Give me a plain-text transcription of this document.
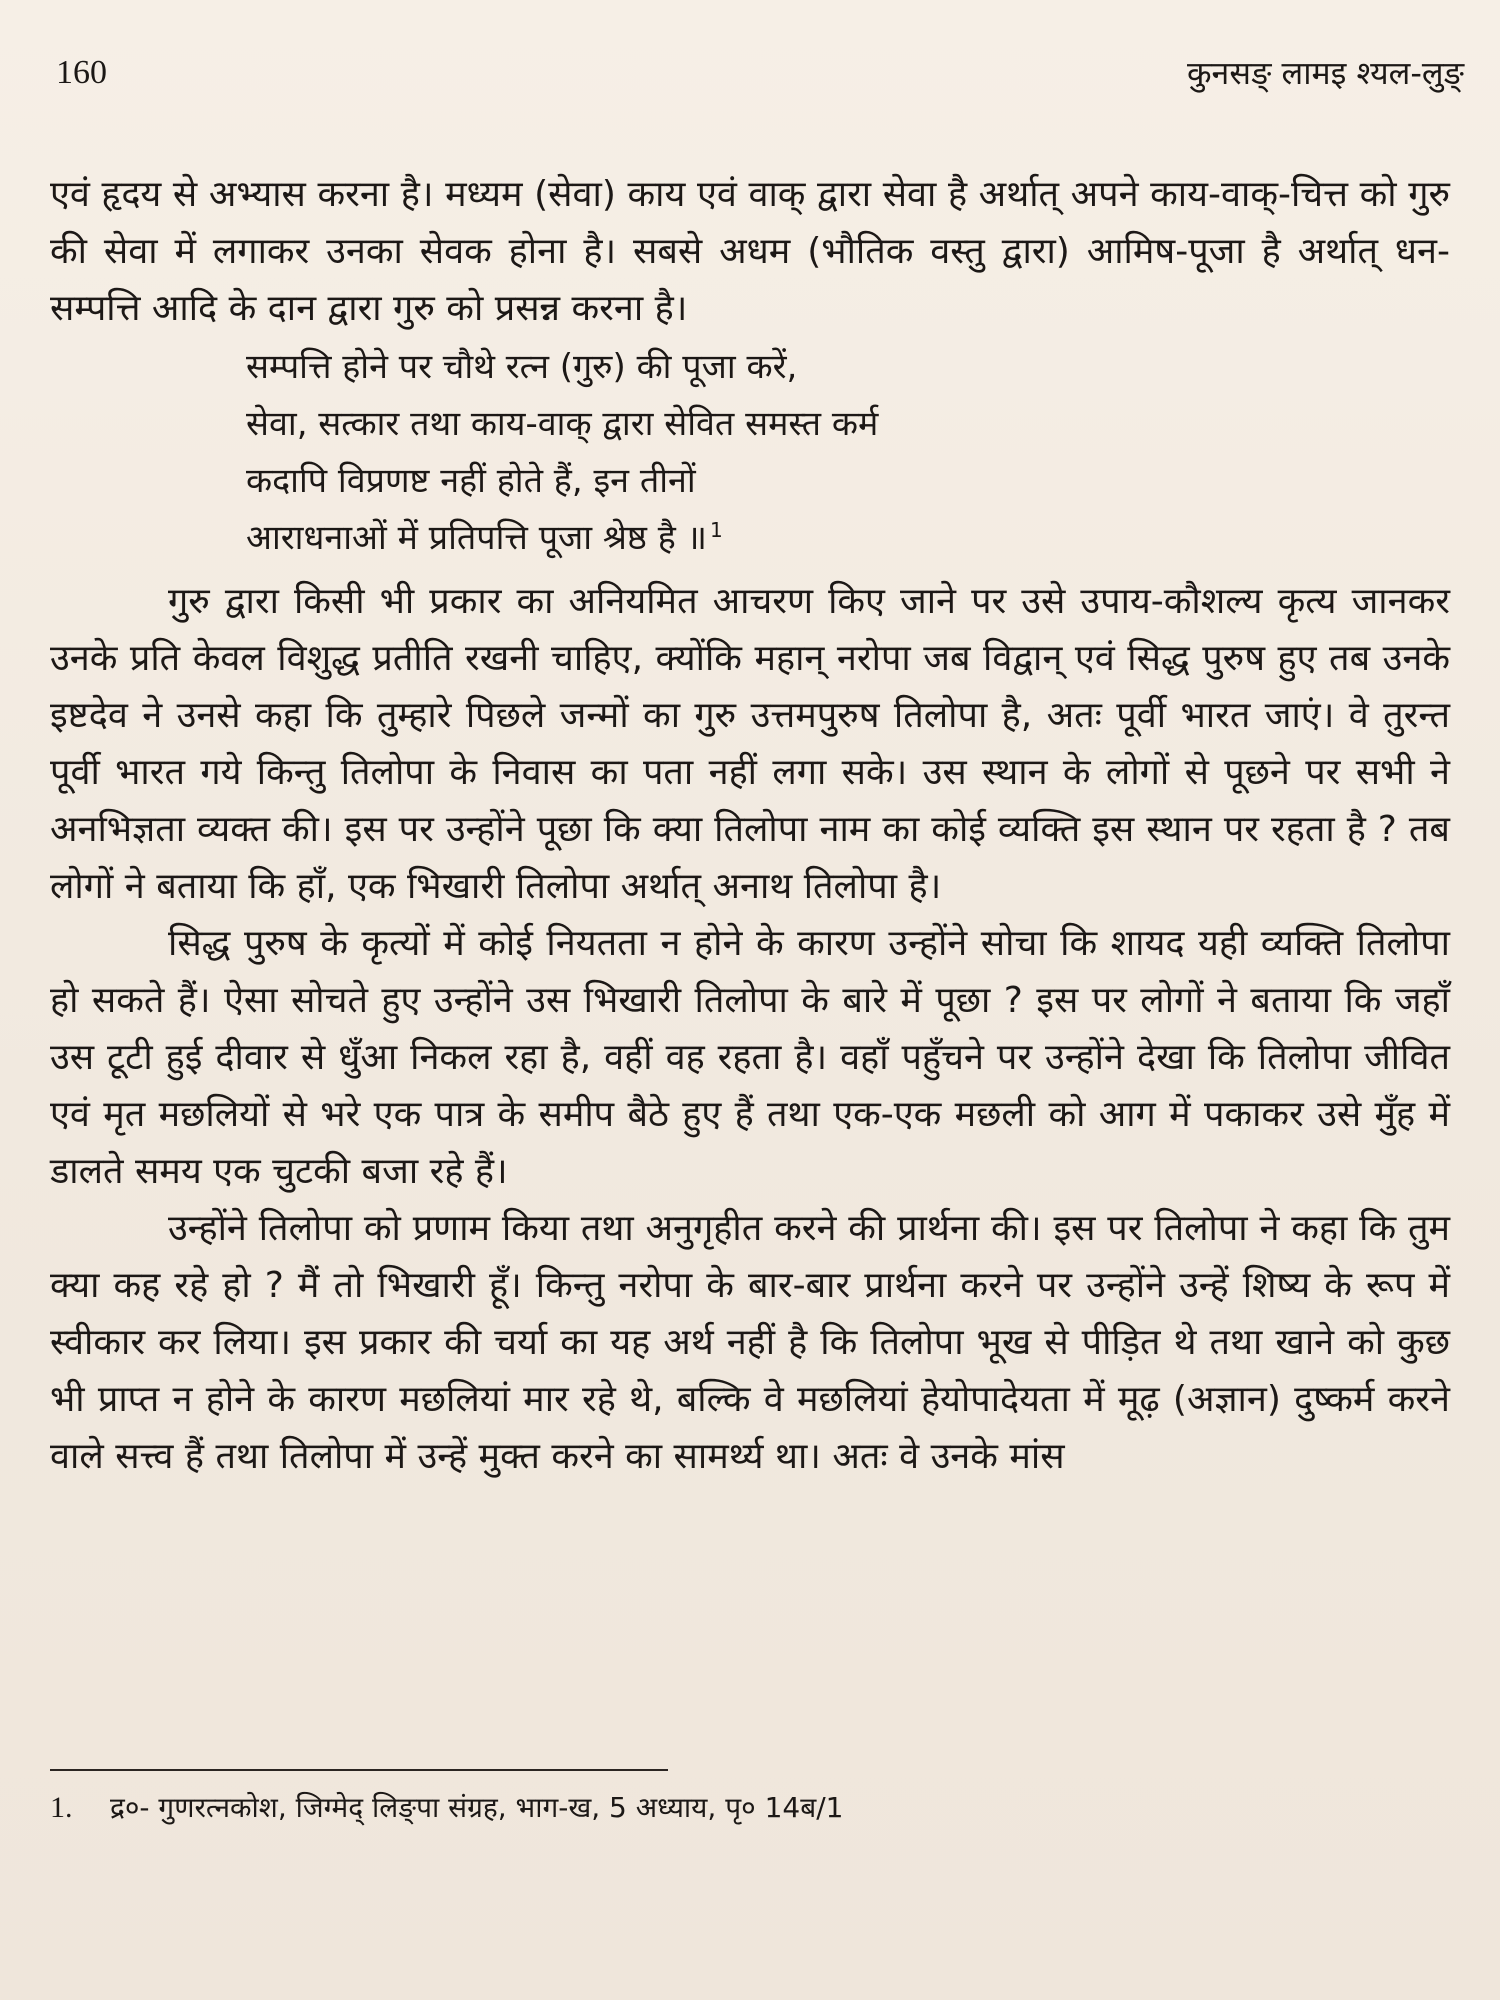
160	कुनसङ् लामइ श्यल-लुङ्

एवं हृदय से अभ्यास करना है। मध्यम (सेवा) काय एवं वाक् द्वारा सेवा है अर्थात् अपने काय-वाक्-चित्त को गुरु की सेवा में लगाकर उनका सेवक होना है। सबसे अधम (भौतिक वस्तु द्वारा) आमिष-पूजा है अर्थात् धन-सम्पत्ति आदि के दान द्वारा गुरु को प्रसन्न करना है।

सम्पत्ति होने पर चौथे रत्न (गुरु) की पूजा करें,
सेवा, सत्कार तथा काय-वाक् द्वारा सेवित समस्त कर्म
कदापि विप्रणष्ट नहीं होते हैं, इन तीनों
आराधनाओं में प्रतिपत्ति पूजा श्रेष्ठ है ॥ $^1$

गुरु द्वारा किसी भी प्रकार का अनियमित आचरण किए जाने पर उसे उपाय-कौशल्य कृत्य जानकर उनके प्रति केवल विशुद्ध प्रतीति रखनी चाहिए, क्योंकि महान् नरोपा जब विद्वान् एवं सिद्ध पुरुष हुए तब उनके इष्टदेव ने उनसे कहा कि तुम्हारे पिछले जन्मों का गुरु उत्तमपुरुष तिलोपा है, अतः पूर्वी भारत जाएं। वे तुरन्त पूर्वी भारत गये किन्तु तिलोपा के निवास का पता नहीं लगा सके। उस स्थान के लोगों से पूछने पर सभी ने अनभिज्ञता व्यक्त की। इस पर उन्होंने पूछा कि क्या तिलोपा नाम का कोई व्यक्ति इस स्थान पर रहता है ? तब लोगों ने बताया कि हाँ, एक भिखारी तिलोपा अर्थात् अनाथ तिलोपा है।

सिद्ध पुरुष के कृत्यों में कोई नियतता न होने के कारण उन्होंने सोचा कि शायद यही व्यक्ति तिलोपा हो सकते हैं। ऐसा सोचते हुए उन्होंने उस भिखारी तिलोपा के बारे में पूछा ? इस पर लोगों ने बताया कि जहाँ उस टूटी हुई दीवार से धुँआ निकल रहा है, वहीं वह रहता है। वहाँ पहुँचने पर उन्होंने देखा कि तिलोपा जीवित एवं मृत मछलियों से भरे एक पात्र के समीप बैठे हुए हैं तथा एक-एक मछली को आग में पकाकर उसे मुँह में डालते समय एक चुटकी बजा रहे हैं।

उन्होंने तिलोपा को प्रणाम किया तथा अनुगृहीत करने की प्रार्थना की। इस पर तिलोपा ने कहा कि तुम क्या कह रहे हो ? मैं तो भिखारी हूँ। किन्तु नरोपा के बार-बार प्रार्थना करने पर उन्होंने उन्हें शिष्य के रूप में स्वीकार कर लिया। इस प्रकार की चर्या का यह अर्थ नहीं है कि तिलोपा भूख से पीड़ित थे तथा खाने को कुछ भी प्राप्त न होने के कारण मछलियां मार रहे थे, बल्कि वे मछलियां हेयोपादेयता में मूढ़ (अज्ञान) दुष्कर्म करने वाले सत्त्व हैं तथा तिलोपा में उन्हें मुक्त करने का सामर्थ्य था। अतः वे उनके मांस

1. द्र०- गुणरत्नकोश, जिग्मेद् लिङ्पा संग्रह, भाग-ख, 5 अध्याय, पृ० 14ब/1
